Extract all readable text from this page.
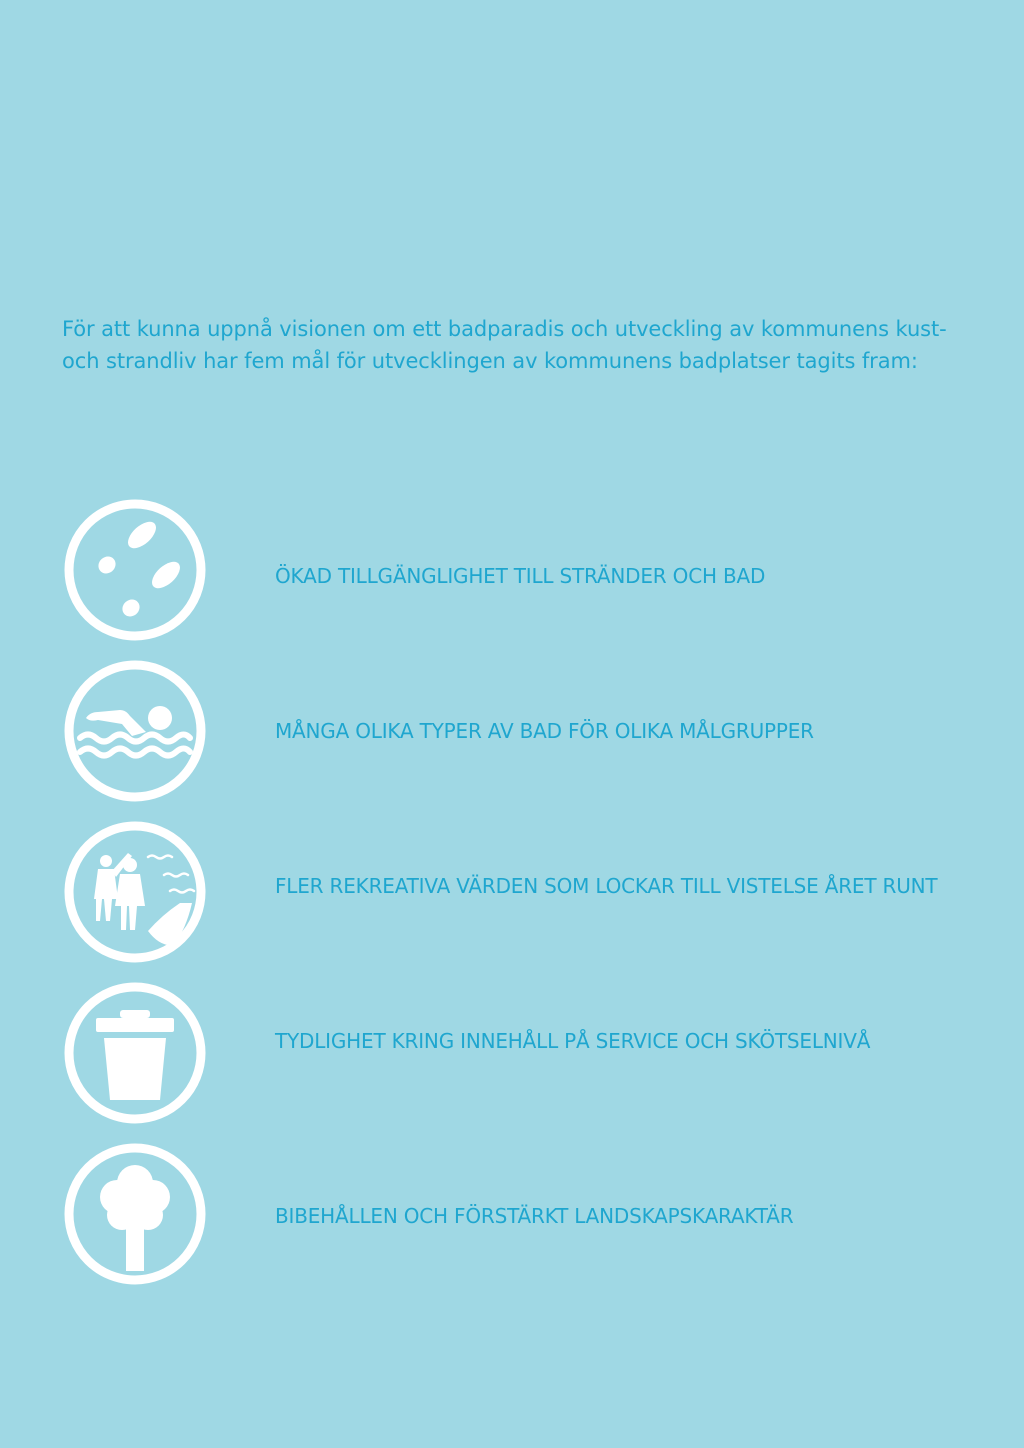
För att kunna uppnå visionen om ett badparadis och utveckling av kommunens kust- och strandliv har fem mål för utvecklingen av kommunens badplatser tagits fram:

ÖKAD TILLGÄNGLIGHET TILL STRÄNDER OCH BAD
MÅNGA OLIKA TYPER AV BAD FÖR OLIKA MÅLGRUPPER
FLER REKREATIVA VÄRDEN SOM LOCKAR TILL VISTELSE ÅRET RUNT
TYDLIGHET KRING INNEHÅLL PÅ SERVICE OCH SKÖTSELNIVÅ
BIBEHÅLLEN OCH FÖRSTÄRKT LANDSKAPSKARAKTÄR
